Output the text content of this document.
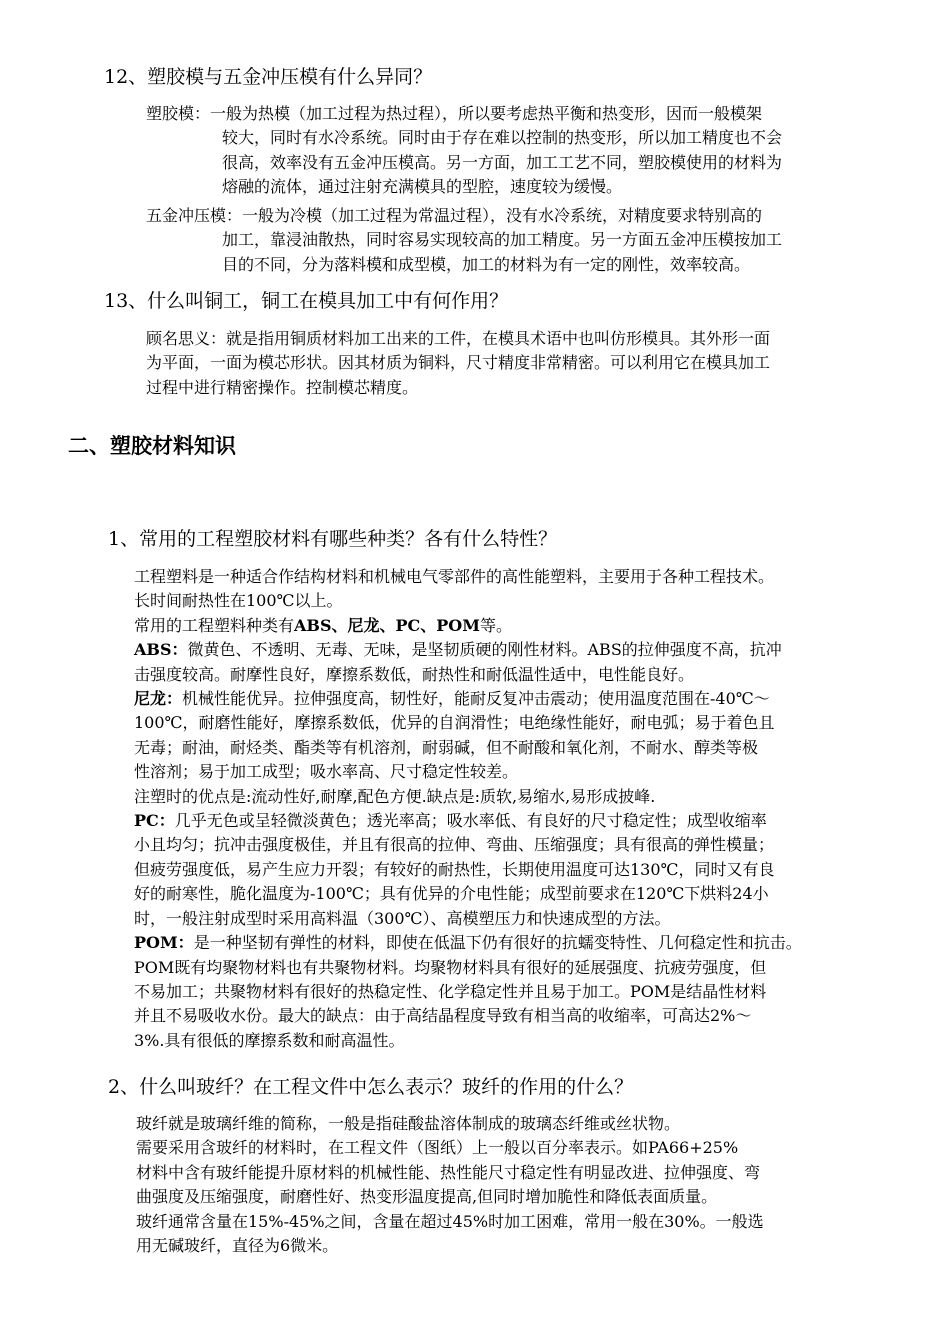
12、塑胶模与五金冲压模有什么异同？
塑胶模：一般为热模（加工过程为热过程），所以要考虑热平衡和热变形，因而一般模架
较大，同时有水冷系统。同时由于存在难以控制的热变形，所以加工精度也不会
很高，效率没有五金冲压模高。另一方面，加工工艺不同，塑胶模使用的材料为
熔融的流体，通过注射充满模具的型腔，速度较为缓慢。
五金冲压模：一般为冷模（加工过程为常温过程），没有水冷系统，对精度要求特别高的
加工，靠浸油散热，同时容易实现较高的加工精度。另一方面五金冲压模按加工
目的不同，分为落料模和成型模，加工的材料为有一定的刚性，效率较高。
13、什么叫铜工，铜工在模具加工中有何作用？
顾名思义：就是指用铜质材料加工出来的工件，在模具术语中也叫仿形模具。其外形一面
为平面，一面为模芯形状。因其材质为铜料，尺寸精度非常精密。可以利用它在模具加工
过程中进行精密操作。控制模芯精度。
二、塑胶材料知识
1、常用的工程塑胶材料有哪些种类？各有什么特性？
工程塑料是一种适合作结构材料和机械电气零部件的高性能塑料，主要用于各种工程技术。
长时间耐热性在100℃以上。
常用的工程塑料种类有ABS、尼龙、PC、POM等。
ABS：微黄色、不透明、无毒、无味，是坚韧质硬的刚性材料。ABS的拉伸强度不高，抗冲
击强度较高。耐摩性良好，摩擦系数低，耐热性和耐低温性适中，电性能良好。
尼龙：机械性能优异。拉伸强度高，韧性好，能耐反复冲击震动；使用温度范围在-40℃～
100℃，耐磨性能好，摩擦系数低，优异的自润滑性；电绝缘性能好，耐电弧；易于着色且
无毒；耐油，耐烃类、酯类等有机溶剂，耐弱碱，但不耐酸和氧化剂，不耐水、醇类等极
性溶剂；易于加工成型；吸水率高、尺寸稳定性较差。
注塑时的优点是:流动性好,耐摩,配色方便.缺点是:质软,易缩水,易形成披峰.
PC：几乎无色或呈轻微淡黄色；透光率高；吸水率低、有良好的尺寸稳定性；成型收缩率
小且均匀；抗冲击强度极佳，并且有很高的拉伸、弯曲、压缩强度；具有很高的弹性模量；
但疲劳强度低，易产生应力开裂；有较好的耐热性，长期使用温度可达130℃，同时又有良
好的耐寒性，脆化温度为-100℃；具有优异的介电性能；成型前要求在120℃下烘料24小
时，一般注射成型时采用高料温（300℃）、高模塑压力和快速成型的方法。
POM：是一种坚韧有弹性的材料，即使在低温下仍有很好的抗蠕变特性、几何稳定性和抗击。
POM既有均聚物材料也有共聚物材料。均聚物材料具有很好的延展强度、抗疲劳强度，但
不易加工；共聚物材料有很好的热稳定性、化学稳定性并且易于加工。POM是结晶性材料
并且不易吸收水份。最大的缺点：由于高结晶程度导致有相当高的收缩率，可高达2%～
3%.具有很低的摩擦系数和耐高温性。
2、什么叫玻纤？在工程文件中怎么表示？玻纤的作用的什么？
玻纤就是玻璃纤维的简称，一般是指硅酸盐溶体制成的玻璃态纤维或丝状物。
需要采用含玻纤的材料时，在工程文件（图纸）上一般以百分率表示。如PA66+25%
材料中含有玻纤能提升原材料的机械性能、热性能尺寸稳定性有明显改进、拉伸强度、弯
曲强度及压缩强度，耐磨性好、热变形温度提高,但同时增加脆性和降低表面质量。
玻纤通常含量在15%-45%之间，含量在超过45%时加工困难，常用一般在30%。一般选
用无碱玻纤，直径为6微米。
